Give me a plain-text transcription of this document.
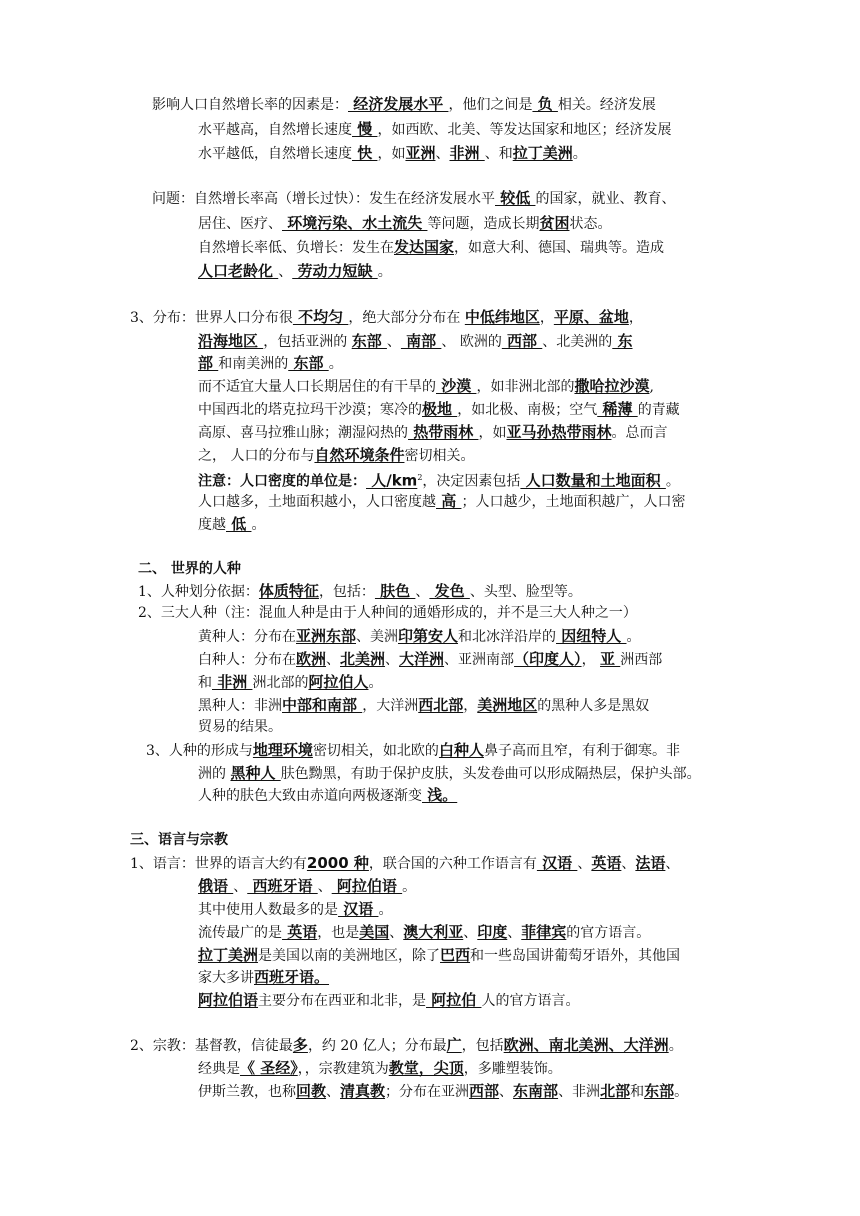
影响人口自然增长率的因素是： 经济发展水平 ，他们之间是 负 相关。经济发展
水平越高，自然增长速度 慢 ，如西欧、北美、等发达国家和地区；经济发展
水平越低，自然增长速度 快 ，如亚洲、非洲 、和拉丁美洲。
问题：自然增长率高（增长过快）：发生在经济发展水平 较低 的国家，就业、教育、
居住、医疗、 环境污染、水土流失 等问题，造成长期贫困状态。
自然增长率低、负增长：发生在发达国家，如意大利、德国、瑞典等。造成
人口老龄化 、 劳动力短缺 。
3、分布：世界人口分布很 不均匀 ，绝大部分分布在 中低纬地区，平原、盆地，
沿海地区 ，包括亚洲的 东部 、 南部 、 欧洲的 西部 、北美洲的 东
部 和南美洲的 东部 。
而不适宜大量人口长期居住的有干旱的 沙漠 ，如非洲北部的撒哈拉沙漠,
中国西北的塔克拉玛干沙漠；寒冷的极地 ，如北极、南极；空气 稀薄 的青藏
高原、喜马拉雅山脉；潮湿闷热的 热带雨林 ，如亚马孙热带雨林。总而言
之， 人口的分布与自然环境条件密切相关。
注意：人口密度的单位是： 人$/km^2$，决定因素包括 人口数量和土地面积 。
人口越多，土地面积越小，人口密度越 高 ；人口越少，土地面积越广，人口密
度越 低 。
二、 世界的人种
1、人种划分依据：体质特征，包括： 肤色 、 发色 、头型、脸型等。
2、三大人种（注：混血人种是由于人种间的通婚形成的，并不是三大人种之一）
黄种人：分布在亚洲东部、美洲印第安人和北冰洋沿岸的 因纽特人 。
白种人：分布在欧洲、北美洲、大洋洲、亚洲南部（印度人）， 亚 洲西部
和 非洲 洲北部的阿拉伯人。
黑种人：非洲中部和南部 ，大洋洲西北部，美洲地区的黑种人多是黑奴
贸易的结果。
3、人种的形成与地理环境密切相关，如北欧的白种人鼻子高而且窄，有利于御寒。非
洲的 黑种人 肤色黝黑，有助于保护皮肤，头发卷曲可以形成隔热层，保护头部。
人种的肤色大致由赤道向两极逐渐变 浅。
三、语言与宗教
1、语言：世界的语言大约有2000 种，联合国的六种工作语言有 汉语 、英语、法语、
俄语 、 西班牙语 、 阿拉伯语 。
其中使用人数最多的是 汉语 。
流传最广的是 英语，也是美国、澳大利亚、印度、菲律宾的官方语言。
拉丁美洲是美国以南的美洲地区，除了巴西和一些岛国讲葡萄牙语外，其他国
家大多讲西班牙语。
阿拉伯语主要分布在西亚和北非，是 阿拉伯 人的官方语言。
2、宗教：基督教，信徒最多，约 20 亿人；分布最广，包括欧洲、南北美洲、大洋洲。
经典是《 圣经》，，宗教建筑为教堂，尖顶，多雕塑装饰。
伊斯兰教，也称回教、清真教；分布在亚洲西部、东南部、非洲北部和东部。
